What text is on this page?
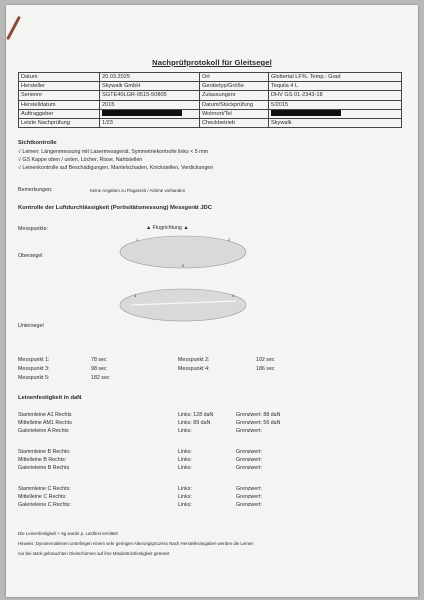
Nachprüfprotokoll für Gleitsegel
Datum	20.03.2025	Ort	Glottertal LF%. Temp.: Grad
Hersteller	Skywalk GmbH	Gerätetyp/Größe	Tequila 4 L
Seriennr	SGTE40LGR-0515-50805	Zulassungsnr	DHV GS 01-2343-18
Herstelldatum	2015	Datum/Stückprüfung	5/2015
Auftraggeber		Wohnort/Tel	
Letzte Nachprüfung	1/23	Checkbetrieb	Skywalk
Sichtkontrolle
√ Leinen: Längenmessung mit Lasermessgerät, Symmetriekontrolle links < 5 mm
√ GS Kappe oben / unten, Löcher, Risse, Nahtstellen
√ Leinenkontrolle auf Beschädigungen, Mantelschaden, Knickstellen, Verdickungen
Bemerkungen:	Keine Angaben zu Flugarzeit / Airtime vorhanden
Kontrolle der Luftdurchlässigkeit (Porösitätsmessung) Messgerät JDC
Messpunkte:	▲ Flugrichtung ▲
Obersegel
1	2
3	4
5
Untersegel
Messpunkt 1:	78 sec	Messpunkt 2:	102 sec
Messpunkt 3:	98 sec	Messpunkt 4:	186 sec
Messpunkt 5:	182 sec
Leinenfestigkeit in daN
Stammleine A1 Rechts	Links: 128 daN	Grenzwert: 88 daN
Mittelleine AM1 Rechts	Links: 89 daN	Grenzwert: 56 daN
Galerieleine A Rechts	Links:	Grenzwert:
Stammleine B Rechts:	Links:	Grenzwert:
Mittelleine B Rechts:	Links:	Grenzwert:
Galerieleine B Rechts	Links:	Grenzwert:
Stammleine C Rechts:	Links:	Grenzwert:
Mittelleine C Rechts:	Links:	Grenzwert:
Galerieleine C Rechts:	Links:	Grenzwert:
Die Leinenfestigkeit + 5g wurde p. Lastfest ermittelt
Hinweis: Dynneemaleinen unterliegen einem sehr geringen Alterungsprozess Nach Herstellerangaben werden die Leinen
nur bei stark gebrauchten Gleitschirmen auf ihre Mindestrissfestigkeit getestet
